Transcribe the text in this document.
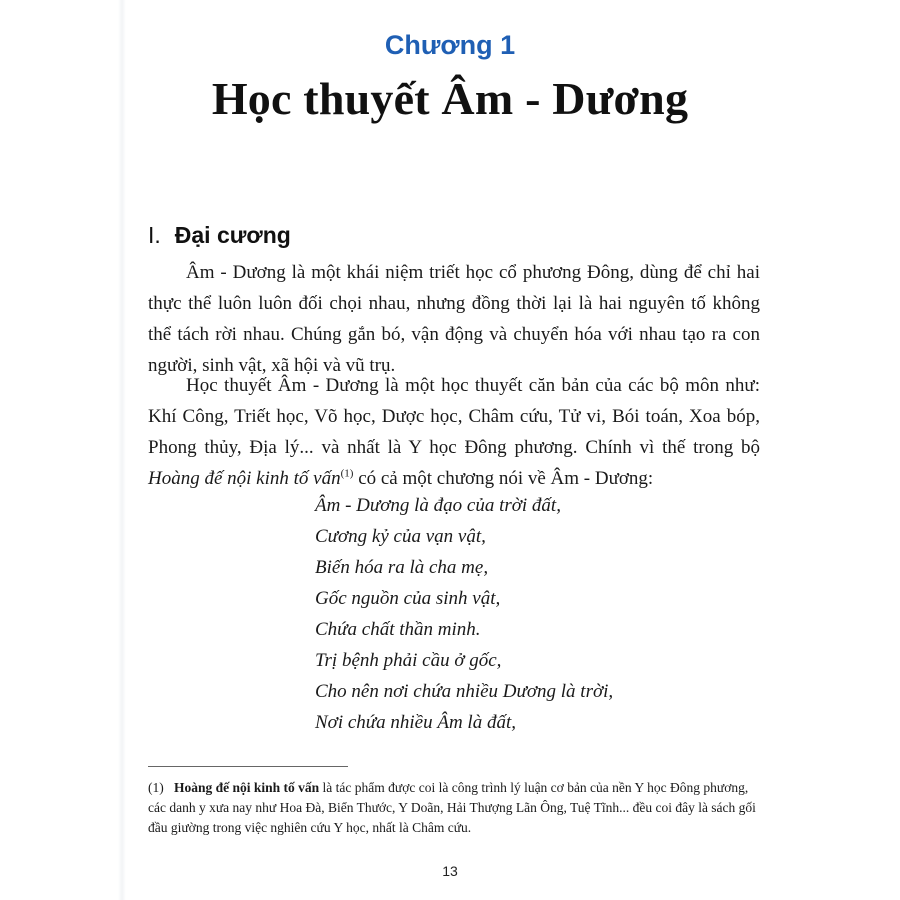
Chương 1
Học thuyết Âm - Dương
I. Đại cương

Âm - Dương là một khái niệm triết học cổ phương Đông, dùng để chỉ hai thực thể luôn luôn đối chọi nhau, nhưng đồng thời lại là hai nguyên tố không thể tách rời nhau. Chúng gắn bó, vận động và chuyển hóa với nhau tạo ra con người, sinh vật, xã hội và vũ trụ.

Học thuyết Âm - Dương là một học thuyết căn bản của các bộ môn như: Khí Công, Triết học, Võ học, Dược học, Châm cứu, Tử vi, Bói toán, Xoa bóp, Phong thủy, Địa lý... và nhất là Y học Đông phương. Chính vì thế trong bộ Hoàng đế nội kinh tố vấn$^{(1)}$ có cả một chương nói về Âm - Dương:

Âm - Dương là đạo của trời đất,
Cương kỷ của vạn vật,
Biến hóa ra là cha mẹ,
Gốc nguồn của sinh vật,
Chứa chất thần minh.
Trị bệnh phải cầu ở gốc,
Cho nên nơi chứa nhiều Dương là trời,
Nơi chứa nhiều Âm là đất,
(1) Hoàng đế nội kinh tố vấn là tác phẩm được coi là công trình lý luận cơ bản của nền Y học Đông phương, các danh y xưa nay như Hoa Đà, Biển Thước, Y Doãn, Hải Thượng Lãn Ông, Tuệ Tĩnh... đều coi đây là sách gối đầu giường trong việc nghiên cứu Y học, nhất là Châm cứu.
13
